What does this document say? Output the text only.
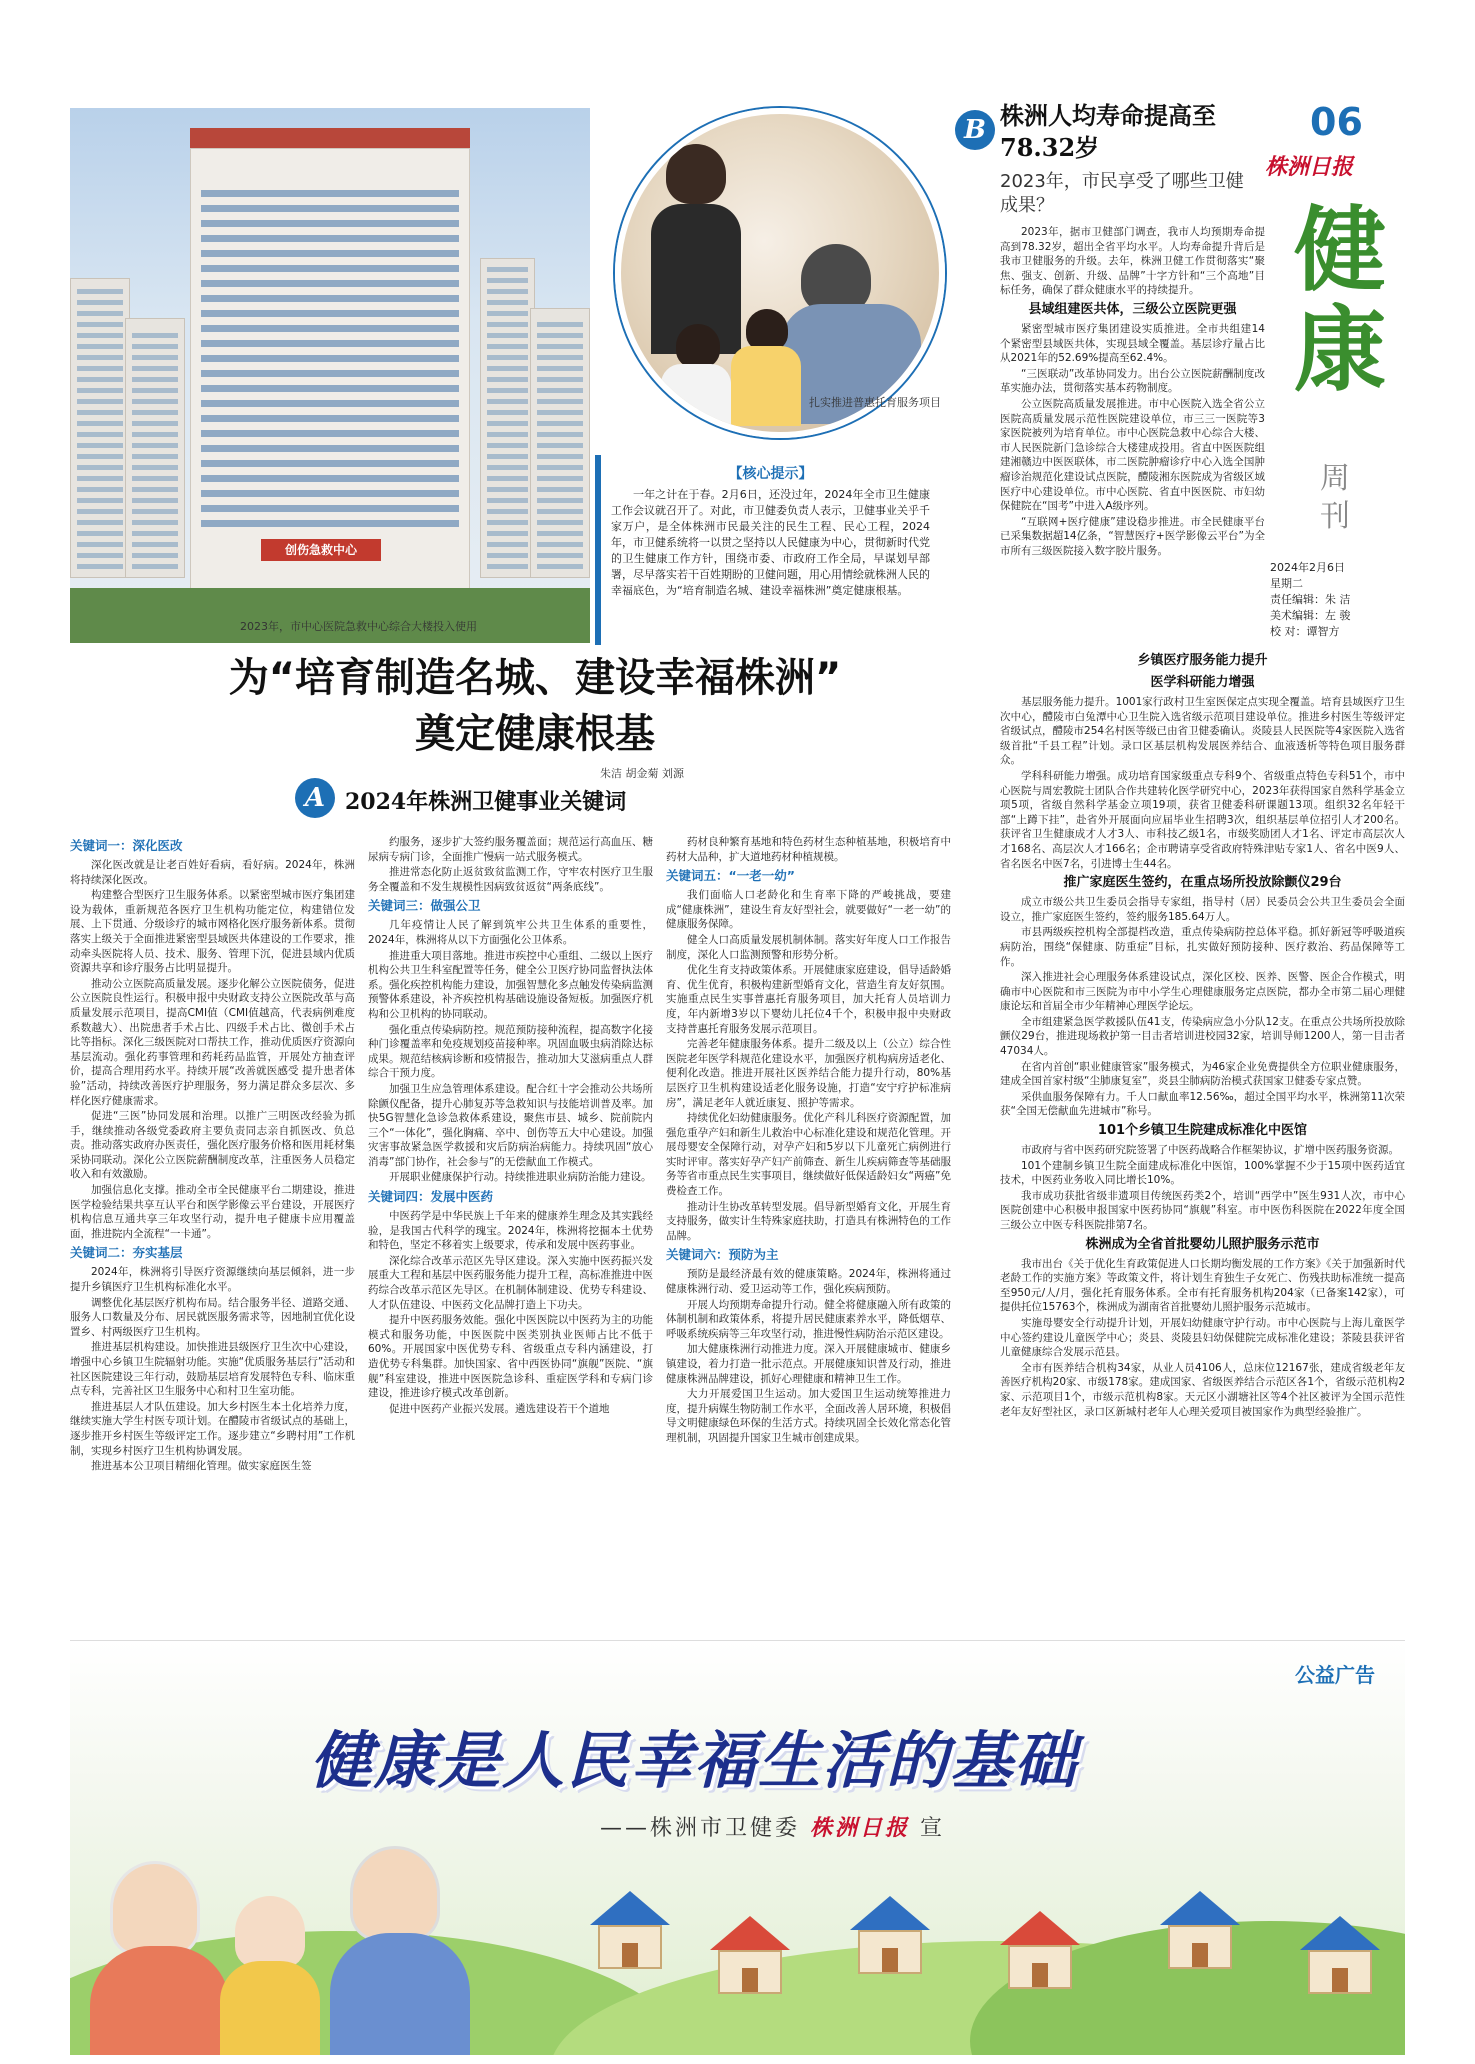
创伤急救中心
2023年，市中心医院急救中心综合大楼投入使用
扎实推进普惠托育服务项目
B 株洲人均寿命提高至78.32岁
2023年，市民享受了哪些卫健成果？
06
株洲日报
健康
周刊
2024年2月6日
星期二
责任编辑：朱 洁
美术编辑：左 骏
校 对：谭智方
【核心提示】
一年之计在于春。2月6日，还没过年，2024年全市卫生健康工作会议就召开了。对此，市卫健委负责人表示，卫健事业关乎千家万户，是全体株洲市民最关注的民生工程、民心工程，2024年，市卫健系统将一以贯之坚持以人民健康为中心，贯彻新时代党的卫生健康工作方针，围绕市委、市政府工作全局，早谋划早部署，尽早落实若干百姓期盼的卫健问题，用心用情绘就株洲人民的幸福底色，为“培育制造名城、建设幸福株洲”奠定健康根基。
为“培育制造名城、建设幸福株洲”
奠定健康根基
朱洁 胡金菊 刘源
A 2024年株洲卫健事业关键词

关键词一：深化医改

深化医改就是让老百姓好看病，看好病。2024年，株洲将持续深化医改。

构建整合型医疗卫生服务体系。以紧密型城市医疗集团建设为载体，重新规范各医疗卫生机构功能定位，构建错位发展、上下贯通、分级诊疗的城市网格化医疗服务新体系。贯彻落实上级关于全面推进紧密型县域医共体建设的工作要求，推动牵头医院将人员、技术、服务、管理下沉，促进县域内优质资源共享和诊疗服务占比明显提升。

推动公立医院高质量发展。逐步化解公立医院债务，促进公立医院良性运行。积极申报中央财政支持公立医院改革与高质量发展示范项目，提高CMI值（CMI值越高，代表病例难度系数越大）、出院患者手术占比、四级手术占比、微创手术占比等指标。深化三级医院对口帮扶工作，推动优质医疗资源向基层流动。强化药事管理和药耗药品监管，开展处方抽查评价，提高合理用药水平。持续开展“改善就医感受 提升患者体验”活动，持续改善医疗护理服务，努力满足群众多层次、多样化医疗健康需求。

促进“三医”协同发展和治理。以推广三明医改经验为抓手，继续推动各级党委政府主要负责同志亲自抓医改、负总责。推动落实政府办医责任，强化医疗服务价格和医用耗材集采协同联动。深化公立医院薪酬制度改革，注重医务人员稳定收入和有效激励。

加强信息化支撑。推动全市全民健康平台二期建设，推进医学检验结果共享互认平台和医学影像云平台建设，开展医疗机构信息互通共享三年攻坚行动，提升电子健康卡应用覆盖面，推进院内全流程“一卡通”。

关键词二：夯实基层

2024年，株洲将引导医疗资源继续向基层倾斜，进一步提升乡镇医疗卫生机构标准化水平。

调整优化基层医疗机构布局。结合服务半径、道路交通、服务人口数量及分布、居民就医服务需求等，因地制宜优化设置乡、村两级医疗卫生机构。

推进基层机构建设。加快推进县级医疗卫生次中心建设，增强中心乡镇卫生院辐射功能。实施“优质服务基层行”活动和社区医院建设三年行动，鼓励基层培育发展特色专科、临床重点专科，完善社区卫生服务中心和村卫生室功能。

推进基层人才队伍建设。加大乡村医生本土化培养力度，继续实施大学生村医专项计划。在醴陵市省级试点的基础上，逐步推开乡村医生等级评定工作。逐步建立“乡聘村用”工作机制，实现乡村医疗卫生机构协调发展。

推进基本公卫项目精细化管理。做实家庭医生签

约服务，逐步扩大签约服务覆盖面；规范运行高血压、糖尿病专病门诊，全面推广慢病一站式服务模式。

推进常态化防止返贫致贫监测工作，守牢农村医疗卫生服务全覆盖和不发生规模性因病致贫返贫“两条底线”。

关键词三：做强公卫

几年疫情让人民了解到筑牢公共卫生体系的重要性，2024年，株洲将从以下方面强化公卫体系。

推进重大项目落地。推进市疾控中心重组、二级以上医疗机构公共卫生科室配置等任务，健全公卫医疗协同监督执法体系。强化疾控机构能力建设，加强智慧化多点触发传染病监测预警体系建设，补齐疾控机构基础设施设备短板。加强医疗机构和公卫机构的协同联动。

强化重点传染病防控。规范预防接种流程，提高数字化接种门诊覆盖率和免疫规划疫苗接种率。巩固血吸虫病消除达标成果。规范结核病诊断和疫情报告，推动加大艾滋病重点人群综合干预力度。

加强卫生应急管理体系建设。配合红十字会推动公共场所除颤仪配备，提升心肺复苏等急救知识与技能培训普及率。加快5G智慧化急诊急救体系建设，聚焦市县、城乡、院前院内三个“一体化”，强化胸痛、卒中、创伤等五大中心建设。加强灾害事故紧急医学救援和灾后防病治病能力。持续巩固“放心消毒”部门协作，社会参与”的无偿献血工作模式。

开展职业健康保护行动。持续推进职业病防治能力建设。

关键词四：发展中医药

中医药学是中华民族上千年来的健康养生理念及其实践经验，是我国古代科学的瑰宝。2024年，株洲将挖掘本土优势和特色，坚定不移着实上级要求，传承和发展中医药事业。

深化综合改革示范区先导区建设。深入实施中医药振兴发展重大工程和基层中医药服务能力提升工程，高标准推进中医药综合改革示范区先导区。在机制体制建设、优势专科建设、人才队伍建设、中医药文化品牌打造上下功夫。

提升中医药服务效能。强化中医医院以中医药为主的功能模式和服务功能，中医医院中医类别执业医师占比不低于60%。开展国家中医优势专科、省级重点专科内涵建设，打造优势专科集群。加快国家、省中西医协同“旗舰”医院、“旗舰”科室建设，推进中医医院急诊科、重症医学科和专病门诊建设，推进诊疗模式改革创新。

促进中医药产业振兴发展。遴选建设若干个道地

药材良种繁育基地和特色药材生态种植基地，积极培育中药材大品种，扩大道地药材种植规模。

关键词五：“一老一幼”

我们面临人口老龄化和生育率下降的严峻挑战，要建成“健康株洲”，建设生育友好型社会，就要做好“一老一幼”的健康服务保障。

健全人口高质量发展机制体制。落实好年度人口工作报告制度，深化人口监测预警和形势分析。

优化生育支持政策体系。开展健康家庭建设，倡导适龄婚育、优生优育，积极构建新型婚育文化，营造生育友好氛围。实施重点民生实事普惠托育服务项目，加大托育人员培训力度，年内新增3岁以下婴幼儿托位4千个，积极申报中央财政支持普惠托育服务发展示范项目。

完善老年健康服务体系。提升二级及以上（公立）综合性医院老年医学科规范化建设水平，加强医疗机构病房适老化、便利化改造。推进开展社区医养结合能力提升行动，80%基层医疗卫生机构建设适老化服务设施，打造“安宁疗护标准病房”，满足老年人就近康复、照护等需求。

持续优化妇幼健康服务。优化产科儿科医疗资源配置，加强危重孕产妇和新生儿救治中心标准化建设和规范化管理。开展母婴安全保障行动，对孕产妇和5岁以下儿童死亡病例进行实时评审。落实好孕产妇产前筛查、新生儿疾病筛查等基础服务等省市重点民生实事项目，继续做好低保适龄妇女“两癌”免费检查工作。

推动计生协改革转型发展。倡导新型婚育文化，开展生育支持服务，做实计生特殊家庭扶助，打造具有株洲特色的工作品牌。

关键词六：预防为主

预防是最经济最有效的健康策略。2024年，株洲将通过健康株洲行动、爱卫运动等工作，强化疾病预防。

开展人均预期寿命提升行动。健全将健康融入所有政策的体制机制和政策体系，将提升居民健康素养水平，降低烟草、呼吸系统疾病等三年攻坚行动，推进慢性病防治示范区建设。

加大健康株洲行动推进力度。深入开展健康城市、健康乡镇建设，着力打造一批示范点。开展健康知识普及行动，推进健康株洲品牌建设，抓好心理健康和精神卫生工作。

大力开展爱国卫生运动。加大爱国卫生运动统筹推进力度，提升病媒生物防制工作水平，全面改善人居环境，积极倡导文明健康绿色环保的生活方式。持续巩固全长效化常态化管理机制，巩固提升国家卫生城市创建成果。

2023年，据市卫健部门调查，我市人均预期寿命提高到78.32岁，超出全省平均水平。人均寿命提升背后是我市卫健服务的升级。去年，株洲卫健工作贯彻落实“聚焦、强支、创新、升级、品牌”十字方针和“三个高地”目标任务，确保了群众健康水平的持续提升。

县域组建医共体，三级公立医院更强

紧密型城市医疗集团建设实质推进。全市共组建14个紧密型县域医共体，实现县域全覆盖。基层诊疗量占比从2021年的52.69%提高至62.4%。

“三医联动”改革协同发力。出台公立医院薪酬制度改革实施办法，贯彻落实基本药物制度。

公立医院高质量发展推进。市中心医院入选全省公立医院高质量发展示范性医院建设单位，市三三一医院等3家医院被列为培育单位。市中心医院急救中心综合大楼、市人民医院新门急诊综合大楼建成投用。省直中医医院组建湘赣边中医医联体，市二医院肿瘤诊疗中心入选全国肿瘤诊治规范化建设试点医院，醴陵湘东医院成为省级区域医疗中心建设单位。市中心医院、省直中医医院、市妇幼保健院在“国考”中进入A级序列。

“互联网+医疗健康”建设稳步推进。市全民健康平台已采集数据超14亿条，“智慧医疗+医学影像云平台”为全市所有三级医院接入数字胶片服务。

乡镇医疗服务能力提升
医学科研能力增强

基层服务能力提升。1001家行政村卫生室医保定点实现全覆盖。培育县域医疗卫生次中心，醴陵市白兔潭中心卫生院入选省级示范项目建设单位。推进乡村医生等级评定省级试点，醴陵市254名村医等级已由省卫健委确认。炎陵县人民医院等4家医院入选省级首批“千县工程”计划。录口区基层机构发展医养结合、血液透析等特色项目服务群众。

学科科研能力增强。成功培育国家级重点专科9个、省级重点特色专科51个，市中心医院与周宏教院士团队合作共建转化医学研究中心，2023年获得国家自然科学基金立项5项，省级自然科学基金立项19项，获省卫健委科研课题13项。组织32名年轻干部“上蹲下挂”，赴省外开展面向应届毕业生招聘3次，组织基层单位招引人才200名。获评省卫生健康成才人才3人、市科技乙级1名，市级奖励团人才1名、评定市高层次人才168名、高层次人才166名；企市聘请享受省政府特殊津贴专家1人、省名中医9人、省名医名中医7名，引进博士生44名。

推广家庭医生签约，在重点场所投放除颤仪29台

成立市级公共卫生委员会指导专家组，指导村（居）民委员会公共卫生委员会全面设立，推广家庭医生签约，签约服务185.64万人。

市县两级疾控机构全部提档改造，重点传染病防控总体平稳。抓好新冠等呼吸道疾病防治，围绕“保健康、防重症”目标，扎实做好预防接种、医疗救治、药品保障等工作。

深入推进社会心理服务体系建设试点，深化区校、医养、医警、医企合作模式，明确市中心医院和市三医院为市中小学生心理健康服务定点医院，都办全市第二届心理健康论坛和首届全市少年精神心理医学论坛。

全市组建紧急医学救援队伍41支，传染病应急小分队12支。在重点公共场所投放除颤仪29台，推进现场救护第一目击者培训进校园32家，培训导师1200人，第一目击者47034人。

在省内首创“职业健康管家”服务模式，为46家企业免费提供全方位职业健康服务，建成全国首家村级“尘肺康复室”，炎县尘肺病防治模式获国家卫健委专家点赞。

采供血服务保障有力。千人口献血率12.56‰，超过全国平均水平，株洲第11次荣获“全国无偿献血先进城市”称号。

101个乡镇卫生院建成标准化中医馆

市政府与省中医药研究院签署了中医药战略合作框架协议，扩增中医药服务资源。

101个建制乡镇卫生院全面建成标准化中医馆，100%掌握不少于15项中医药适宜技术，中医药业务收入同比增长10%。

我市成功获批省级非遗项目传统医药类2个，培训“西学中”医生931人次，市中心医院创建中心积极申报国家中医药协同“旗舰”科室。市中医伤科医院在2022年度全国三级公立中医专科医院排第7名。

株洲成为全省首批婴幼儿照护服务示范市

我市出台《关于优化生育政策促进人口长期均衡发展的工作方案》《关于加强新时代老龄工作的实施方案》等政策文件，将计划生育独生子女死亡、伤残扶助标准统一提高至950元/人/月，强化托育服务体系。全市有托育服务机构204家（已备案142家），可提供托位15763个，株洲成为湖南省首批婴幼儿照护服务示范城市。

实施母婴安全行动提升计划，开展妇幼健康守护行动。市中心医院与上海儿童医学中心签约建设儿童医学中心；炎县、炎陵县妇幼保健院完成标准化建设；茶陵县获评省儿童健康综合发展示范县。

全市有医养结合机构34家，从业人员4106人，总床位12167张，建成省级老年友善医疗机构20家、市级178家。建成国家、省级医养结合示范区各1个，省级示范机构2家、示范项目1个，市级示范机构8家。天元区小湖塘社区等4个社区被评为全国示范性老年友好型社区，录口区新城村老年人心理关爱项目被国家作为典型经验推广。

公益广告
健康是人民幸福生活的基础
——株洲市卫健委 株洲日报 宣
